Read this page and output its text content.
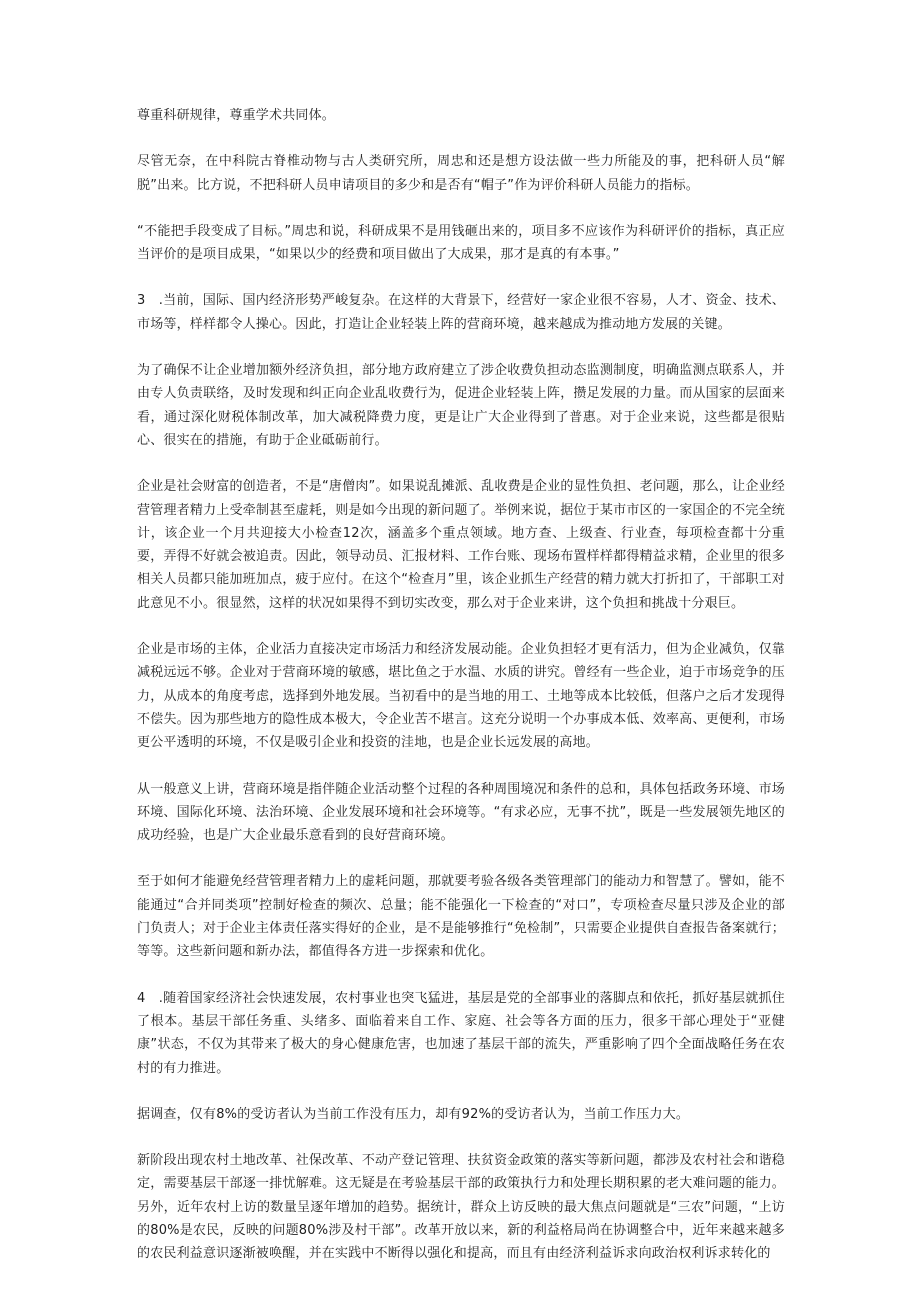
尊重科研规律，尊重学术共同体。

尽管无奈，在中科院古脊椎动物与古人类研究所，周忠和还是想方设法做一些力所能及的事，把科研人员“解脱”出来。比方说，不把科研人员申请项目的多少和是否有“帽子”作为评价科研人员能力的指标。

“不能把手段变成了目标。”周忠和说，科研成果不是用钱砸出来的，项目多不应该作为科研评价的指标，真正应当评价的是项目成果，“如果以少的经费和项目做出了大成果，那才是真的有本事。”

3　.当前，国际、国内经济形势严峻复杂。在这样的大背景下，经营好一家企业很不容易，人才、资金、技术、市场等，样样都令人操心。因此，打造让企业轻装上阵的营商环境，越来越成为推动地方发展的关键。

为了确保不让企业增加额外经济负担，部分地方政府建立了涉企收费负担动态监测制度，明确监测点联系人，并由专人负责联络，及时发现和纠正向企业乱收费行为，促进企业轻装上阵，攒足发展的力量。而从国家的层面来看，通过深化财税体制改革，加大减税降费力度，更是让广大企业得到了普惠。对于企业来说，这些都是很贴心、很实在的措施，有助于企业砥砺前行。

企业是社会财富的创造者，不是“唐僧肉”。如果说乱摊派、乱收费是企业的显性负担、老问题，那么，让企业经营管理者精力上受牵制甚至虚耗，则是如今出现的新问题了。举例来说，据位于某市市区的一家国企的不完全统计，该企业一个月共迎接大小检查12次，涵盖多个重点领域。地方查、上级查、行业查，每项检查都十分重要，弄得不好就会被追责。因此，领导动员、汇报材料、工作台账、现场布置样样都得精益求精，企业里的很多相关人员都只能加班加点，疲于应付。在这个“检查月”里，该企业抓生产经营的精力就大打折扣了，干部职工对此意见不小。很显然，这样的状况如果得不到切实改变，那么对于企业来讲，这个负担和挑战十分艰巨。

企业是市场的主体，企业活力直接决定市场活力和经济发展动能。企业负担轻才更有活力，但为企业减负，仅靠减税远远不够。企业对于营商环境的敏感，堪比鱼之于水温、水质的讲究。曾经有一些企业，迫于市场竞争的压力，从成本的角度考虑，选择到外地发展。当初看中的是当地的用工、土地等成本比较低，但落户之后才发现得不偿失。因为那些地方的隐性成本极大，令企业苦不堪言。这充分说明一个办事成本低、效率高、更便利，市场更公平透明的环境，不仅是吸引企业和投资的洼地，也是企业长远发展的高地。

从一般意义上讲，营商环境是指伴随企业活动整个过程的各种周围境况和条件的总和，具体包括政务环境、市场环境、国际化环境、法治环境、企业发展环境和社会环境等。“有求必应，无事不扰”，既是一些发展领先地区的成功经验，也是广大企业最乐意看到的良好营商环境。

至于如何才能避免经营管理者精力上的虚耗问题，那就要考验各级各类管理部门的能动力和智慧了。譬如，能不能通过“合并同类项”控制好检查的频次、总量；能不能强化一下检查的“对口”，专项检查尽量只涉及企业的部门负责人；对于企业主体责任落实得好的企业，是不是能够推行“免检制”，只需要企业提供自查报告备案就行；等等。这些新问题和新办法，都值得各方进一步探索和优化。

4　.随着国家经济社会快速发展，农村事业也突飞猛进，基层是党的全部事业的落脚点和依托，抓好基层就抓住了根本。基层干部任务重、头绪多、面临着来自工作、家庭、社会等各方面的压力，很多干部心理处于“亚健康”状态，不仅为其带来了极大的身心健康危害，也加速了基层干部的流失，严重影响了四个全面战略任务在农村的有力推进。

据调查，仅有8%的受访者认为当前工作没有压力，却有92%的受访者认为，当前工作压力大。

新阶段出现农村土地改革、社保改革、不动产登记管理、扶贫资金政策的落实等新问题，都涉及农村社会和谐稳定，需要基层干部逐一排忧解难。这无疑是在考验基层干部的政策执行力和处理长期积累的老大难问题的能力。另外，近年农村上访的数量呈逐年增加的趋势。据统计，群众上访反映的最大焦点问题就是“三农”问题，“上访的80%是农民，反映的问题80%涉及村干部”。改革开放以来，新的利益格局尚在协调整合中，近年来越来越多的农民利益意识逐渐被唤醒，并在实践中不断得以强化和提高，而且有由经济利益诉求向政治权利诉求转化的
